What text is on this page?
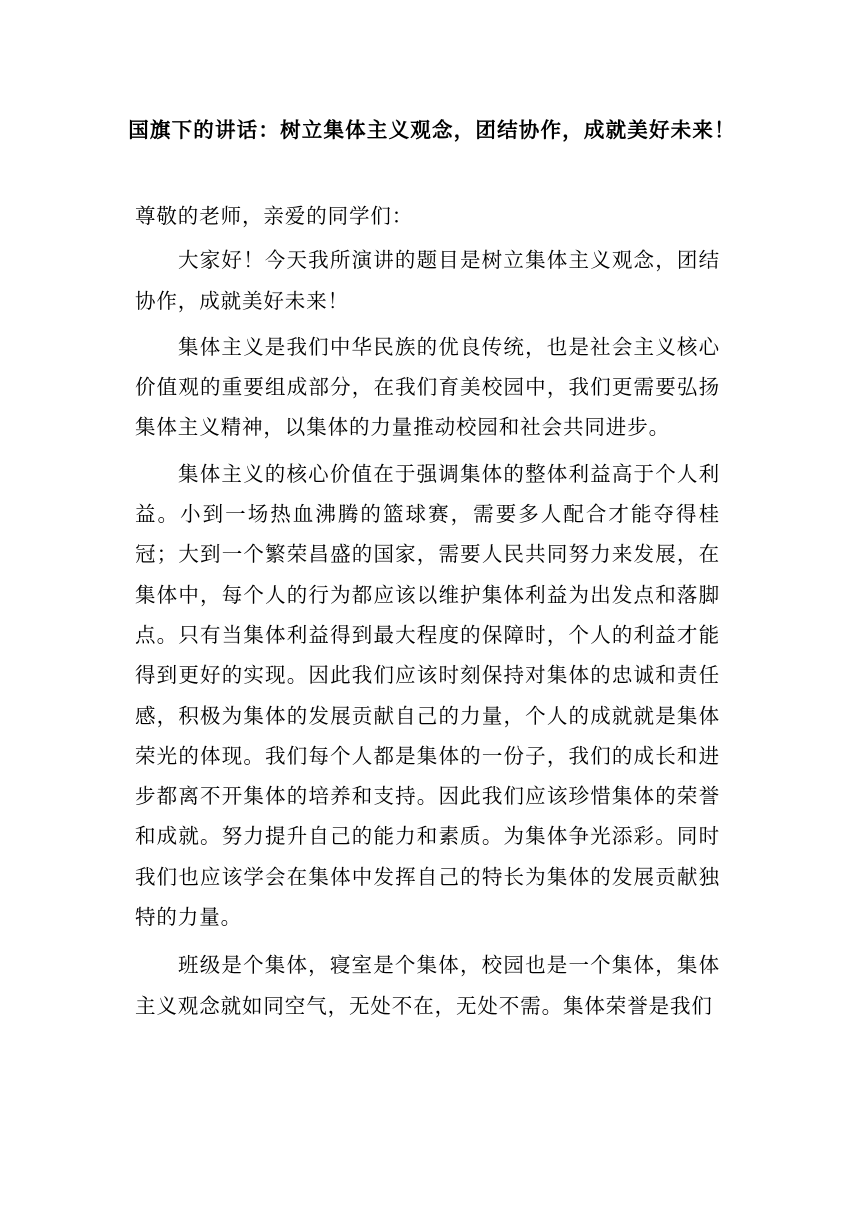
国旗下的讲话：树立集体主义观念，团结协作，成就美好未来！

尊敬的老师，亲爱的同学们：

大家好！今天我所演讲的题目是树立集体主义观念，团结协作，成就美好未来！

集体主义是我们中华民族的优良传统，也是社会主义核心价值观的重要组成部分，在我们育美校园中，我们更需要弘扬集体主义精神，以集体的力量推动校园和社会共同进步。

集体主义的核心价值在于强调集体的整体利益高于个人利益。小到一场热血沸腾的篮球赛，需要多人配合才能夺得桂冠；大到一个繁荣昌盛的国家，需要人民共同努力来发展，在集体中，每个人的行为都应该以维护集体利益为出发点和落脚点。只有当集体利益得到最大程度的保障时，个人的利益才能得到更好的实现。因此我们应该时刻保持对集体的忠诚和责任感，积极为集体的发展贡献自己的力量，个人的成就就是集体荣光的体现。我们每个人都是集体的一份子，我们的成长和进步都离不开集体的培养和支持。因此我们应该珍惜集体的荣誉和成就。努力提升自己的能力和素质。为集体争光添彩。同时我们也应该学会在集体中发挥自己的特长为集体的发展贡献独特的力量。

班级是个集体，寝室是个集体，校园也是一个集体，集体主义观念就如同空气，无处不在，无处不需。集体荣誉是我们
